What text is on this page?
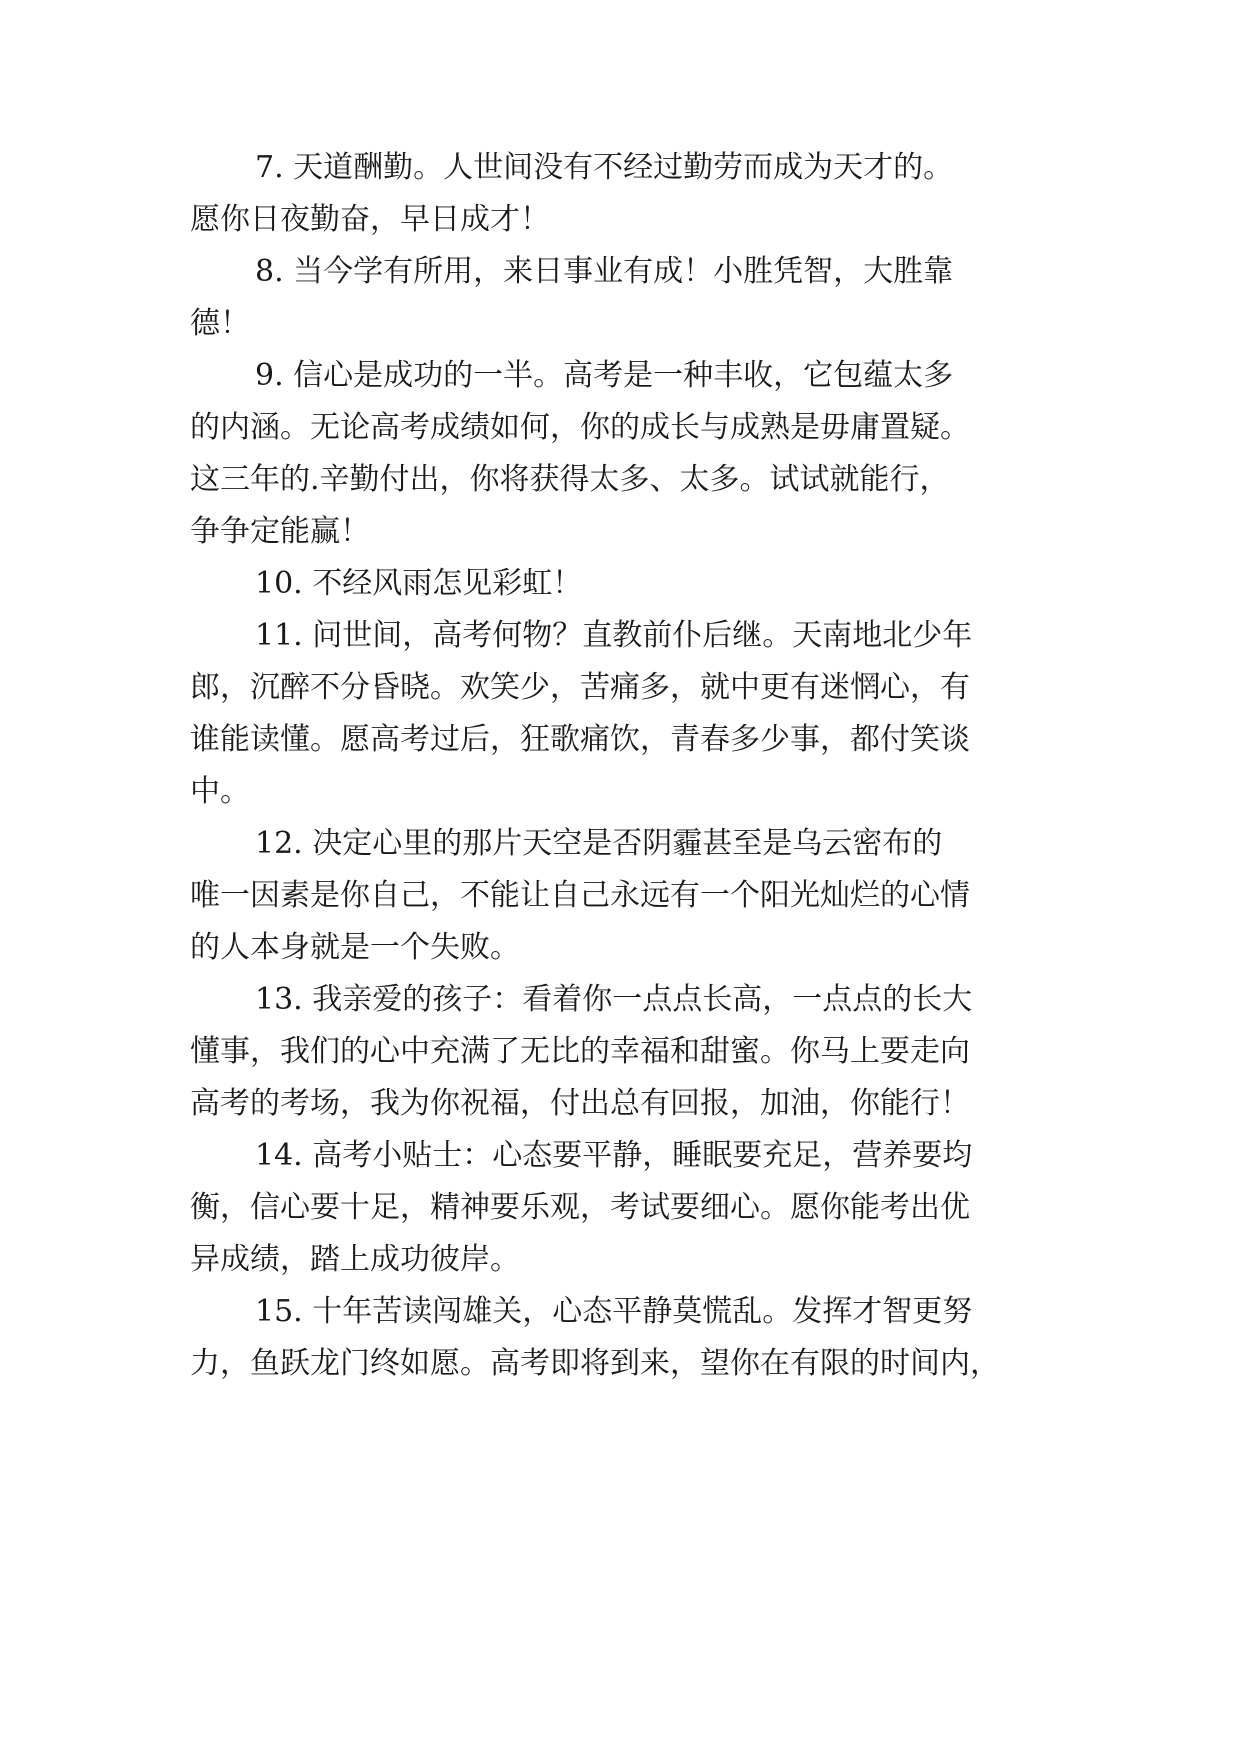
7. 天道酬勤。人世间没有不经过勤劳而成为天才的。
愿你日夜勤奋，早日成才！
8. 当今学有所用，来日事业有成！小胜凭智，大胜靠
德！
9. 信心是成功的一半。高考是一种丰收，它包蕴太多
的内涵。无论高考成绩如何，你的成长与成熟是毋庸置疑。
这三年的.辛勤付出，你将获得太多、太多。试试就能行，
争争定能赢！
10. 不经风雨怎见彩虹！
11. 问世间，高考何物？直教前仆后继。天南地北少年
郎，沉醉不分昏晓。欢笑少，苦痛多，就中更有迷惘心，有
谁能读懂。愿高考过后，狂歌痛饮，青春多少事，都付笑谈
中。
12. 决定心里的那片天空是否阴霾甚至是乌云密布的
唯一因素是你自己，不能让自己永远有一个阳光灿烂的心情
的人本身就是一个失败。
13. 我亲爱的孩子：看着你一点点长高，一点点的长大
懂事，我们的心中充满了无比的幸福和甜蜜。你马上要走向
高考的考场，我为你祝福，付出总有回报，加油，你能行！
14. 高考小贴士：心态要平静，睡眠要充足，营养要均
衡，信心要十足，精神要乐观，考试要细心。愿你能考出优
异成绩，踏上成功彼岸。
15. 十年苦读闯雄关，心态平静莫慌乱。发挥才智更努
力，鱼跃龙门终如愿。高考即将到来，望你在有限的时间内，
